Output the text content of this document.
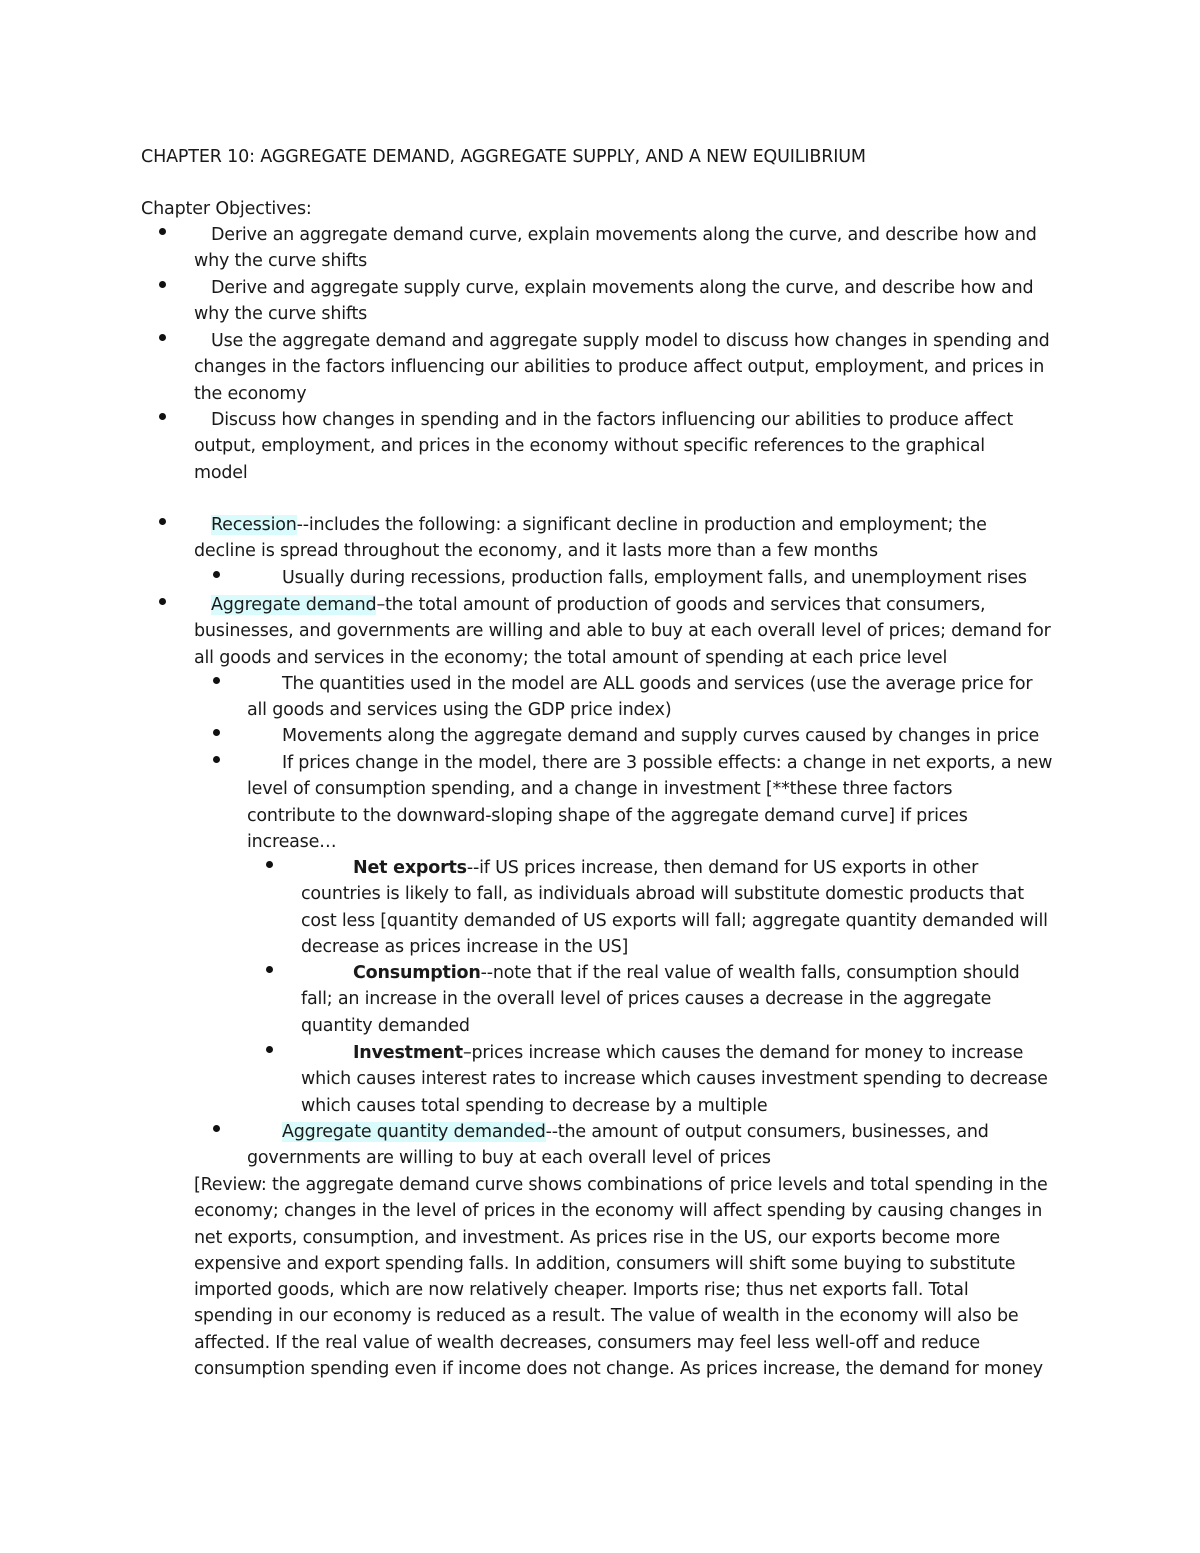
CHAPTER 10: AGGREGATE DEMAND, AGGREGATE SUPPLY, AND A NEW EQUILIBRIUM
Chapter Objectives:
Derive an aggregate demand curve, explain movements along the curve, and describe how and
why the curve shifts
Derive and aggregate supply curve, explain movements along the curve, and describe how and
why the curve shifts
Use the aggregate demand and aggregate supply model to discuss how changes in spending and
changes in the factors influencing our abilities to produce affect output, employment, and prices in
the economy
Discuss how changes in spending and in the factors influencing our abilities to produce affect
output, employment, and prices in the economy without specific references to the graphical
model
Recession--includes the following: a significant decline in production and employment; the
decline is spread throughout the economy, and it lasts more than a few months
Usually during recessions, production falls, employment falls, and unemployment rises
Aggregate demand–the total amount of production of goods and services that consumers,
businesses, and governments are willing and able to buy at each overall level of prices; demand for
all goods and services in the economy; the total amount of spending at each price level
The quantities used in the model are ALL goods and services (use the average price for
all goods and services using the GDP price index)
Movements along the aggregate demand and supply curves caused by changes in price
If prices change in the model, there are 3 possible effects: a change in net exports, a new
level of consumption spending, and a change in investment [**these three factors
contribute to the downward-sloping shape of the aggregate demand curve] if prices
increase…
Net exports--if US prices increase, then demand for US exports in other
countries is likely to fall, as individuals abroad will substitute domestic products that
cost less [quantity demanded of US exports will fall; aggregate quantity demanded will
decrease as prices increase in the US]
Consumption--note that if the real value of wealth falls, consumption should
fall; an increase in the overall level of prices causes a decrease in the aggregate
quantity demanded
Investment–prices increase which causes the demand for money to increase
which causes interest rates to increase which causes investment spending to decrease
which causes total spending to decrease by a multiple
Aggregate quantity demanded--the amount of output consumers, businesses, and
governments are willing to buy at each overall level of prices
[Review: the aggregate demand curve shows combinations of price levels and total spending in the
economy; changes in the level of prices in the economy will affect spending by causing changes in
net exports, consumption, and investment. As prices rise in the US, our exports become more
expensive and export spending falls. In addition, consumers will shift some buying to substitute
imported goods, which are now relatively cheaper. Imports rise; thus net exports fall. Total
spending in our economy is reduced as a result. The value of wealth in the economy will also be
affected. If the real value of wealth decreases, consumers may feel less well-off and reduce
consumption spending even if income does not change. As prices increase, the demand for money
